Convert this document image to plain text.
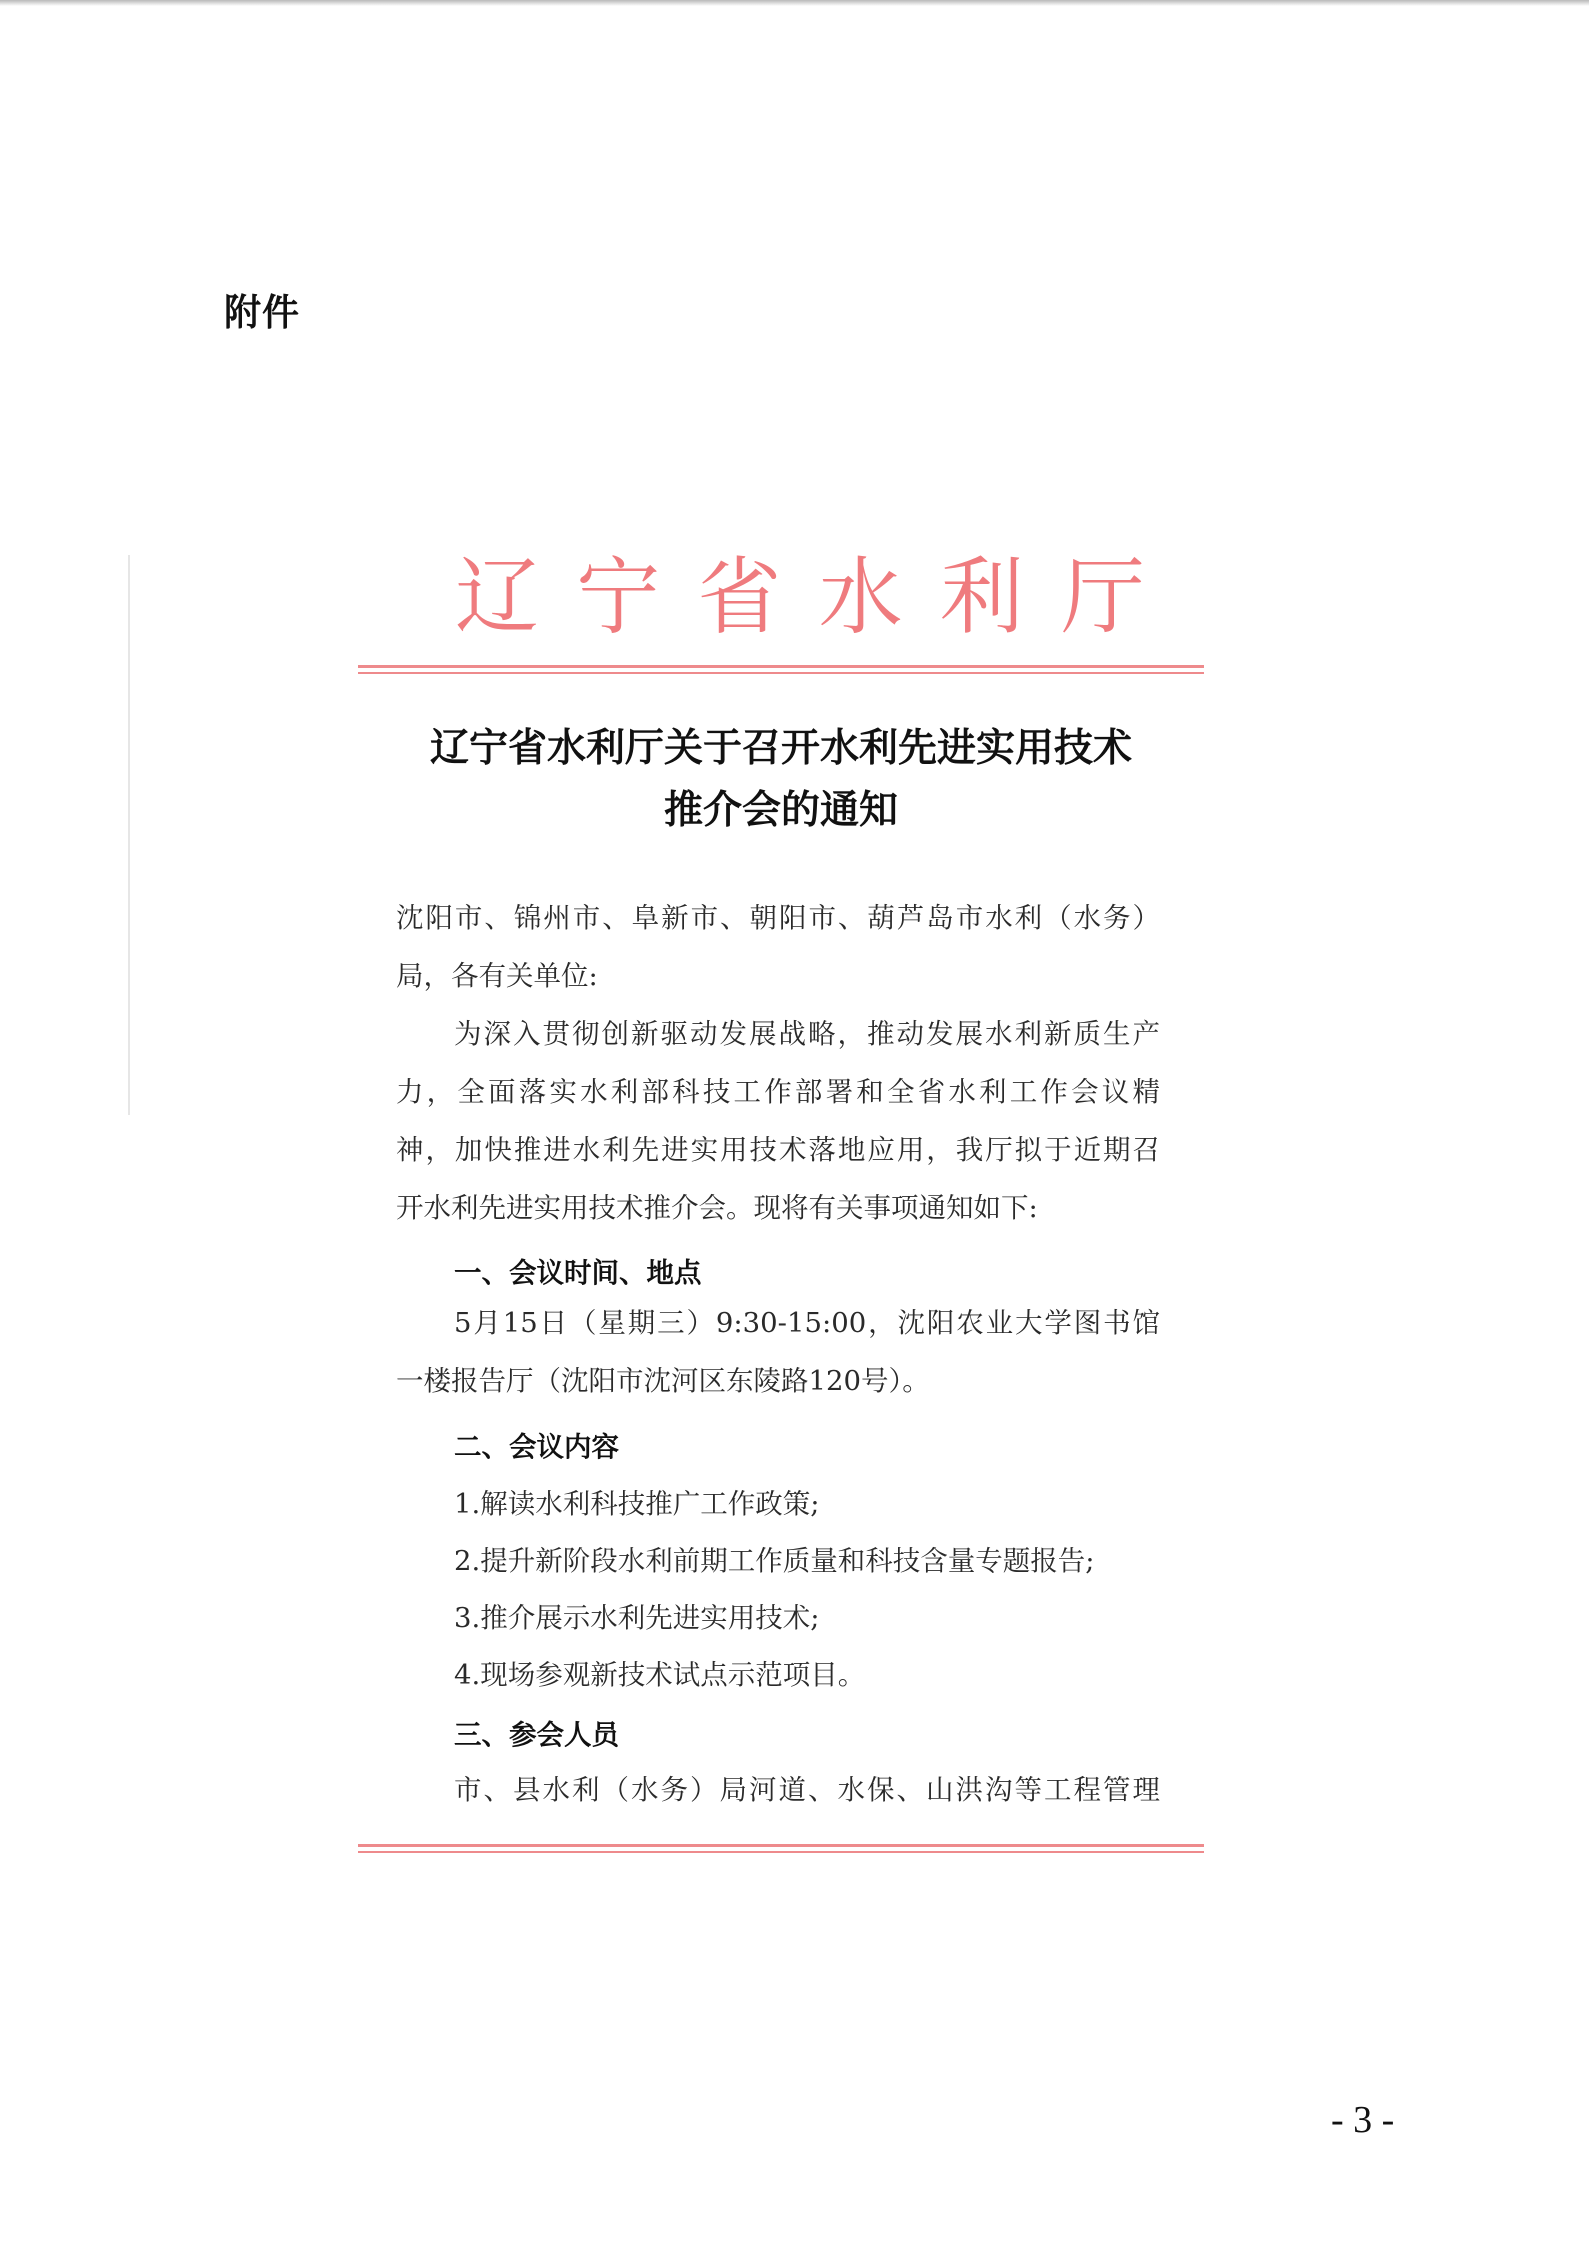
附件
辽 宁 省 水 利 厅
辽宁省水利厅关于召开水利先进实用技术
推介会的通知
沈阳市、锦州市、阜新市、朝阳市、葫芦岛市水利（水务）
局，各有关单位:
为深入贯彻创新驱动发展战略，推动发展水利新质生产
力，全面落实水利部科技工作部署和全省水利工作会议精
神，加快推进水利先进实用技术落地应用，我厅拟于近期召
开水利先进实用技术推介会。现将有关事项通知如下:
一、会议时间、地点
5月15日（星期三）9:30-15:00，沈阳农业大学图书馆
一楼报告厅（沈阳市沈河区东陵路120号）。
二、会议内容
1.解读水利科技推广工作政策;
2.提升新阶段水利前期工作质量和科技含量专题报告;
3.推介展示水利先进实用技术;
4.现场参观新技术试点示范项目。
三、参会人员
市、县水利（水务）局河道、水保、山洪沟等工程管理
- 3 -
